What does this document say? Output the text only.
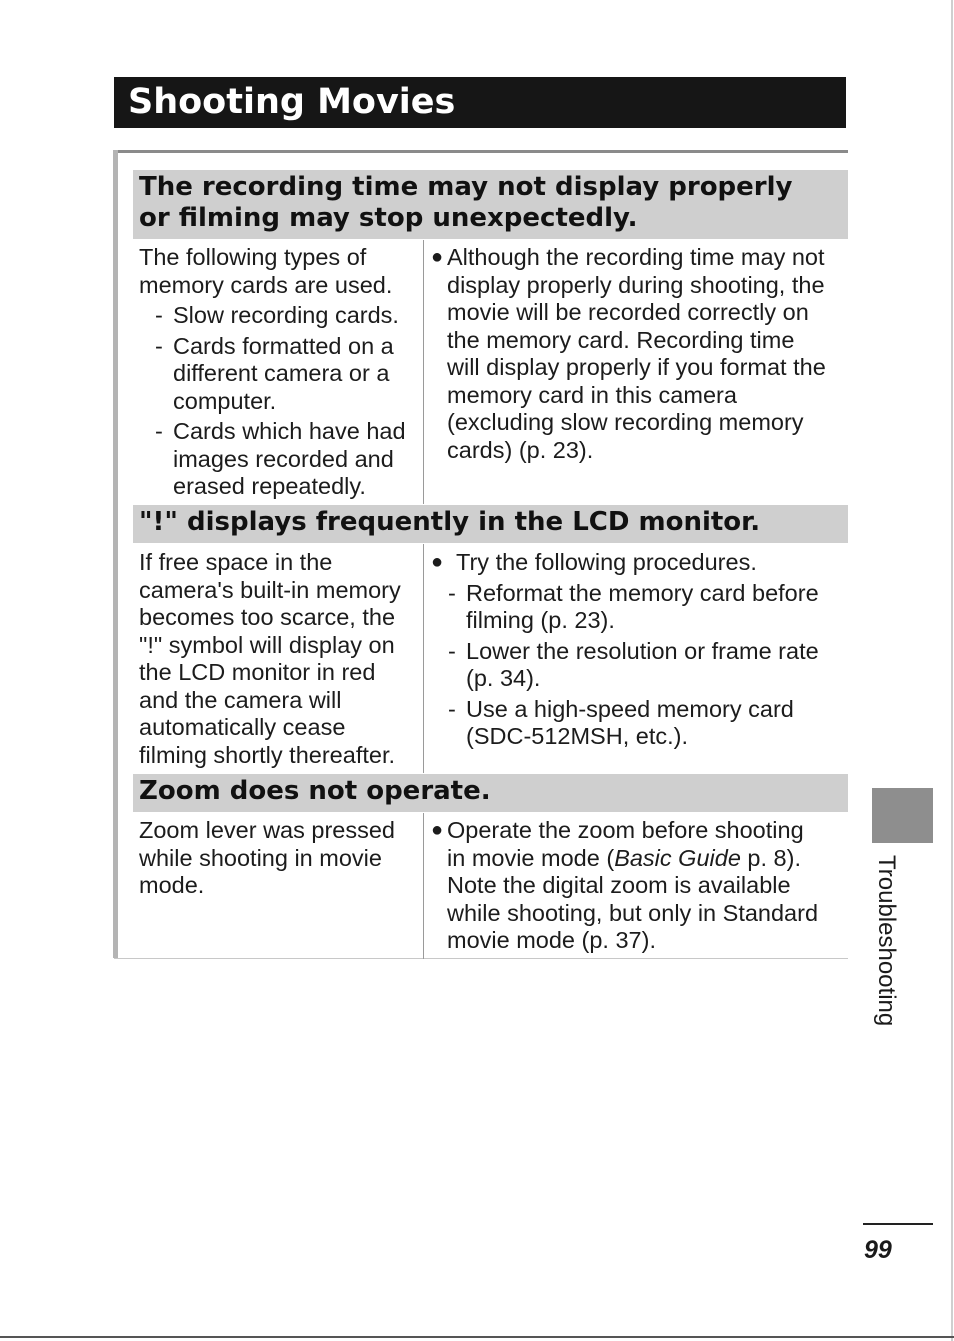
Shooting Movies
The recording time may not display properly
or filming may stop unexpectedly.

The following types of

memory cards are used.

- Slow recording cards.

- Cards formatted on a

different camera or a

computer.

- Cards which have had

images recorded and

erased repeatedly.

● Although the recording time may not

display properly during shooting, the

movie will be recorded correctly on

the memory card. Recording time

will display properly if you format the

memory card in this camera

(excluding slow recording memory

cards) (p. 23).

"!" displays frequently in the LCD monitor.

If free space in the

camera's built-in memory

becomes too scarce, the

"!" symbol will display on

the LCD monitor in red

and the camera will

automatically cease

filming shortly thereafter.

● Try the following procedures.

- Reformat the memory card before

filming (p. 23).

- Lower the resolution or frame rate

(p. 34).

- Use a high-speed memory card

(SDC-512MSH, etc.).

Zoom does not operate.

Zoom lever was pressed

while shooting in movie

mode.

● Operate the zoom before shooting

in movie mode (Basic Guide p. 8).

Note the digital zoom is available

while shooting, but only in Standard

movie mode (p. 37).	Troubleshooting
99
